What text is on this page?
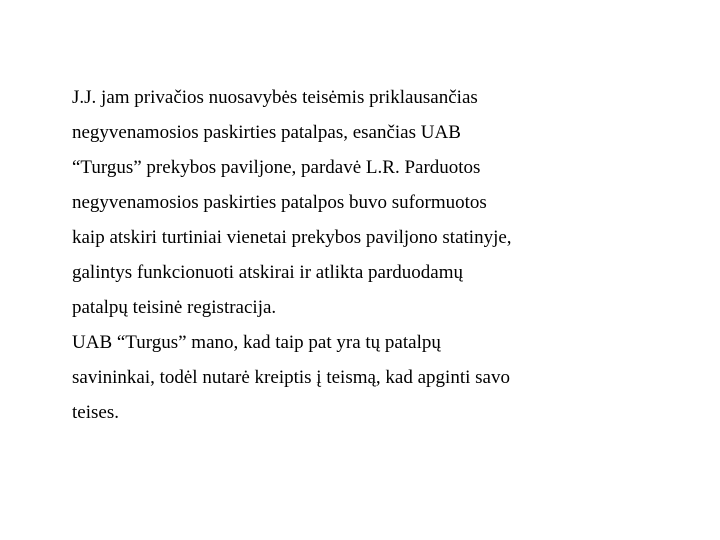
J.J. jam privačios nuosavybės teisėmis priklausančias
negyvenamosios paskirties patalpas, esančias UAB
“Turgus” prekybos paviljone, pardavė L.R. Parduotos
negyvenamosios paskirties patalpos buvo suformuotos
kaip atskiri turtiniai vienetai prekybos paviljono statinyje,
galintys funkcionuoti atskirai ir atlikta parduodamų
patalpų teisinė registracija.
UAB “Turgus” mano, kad taip pat yra tų patalpų
savininkai, todėl nutarė kreiptis į teismą, kad apginti savo
teises.
